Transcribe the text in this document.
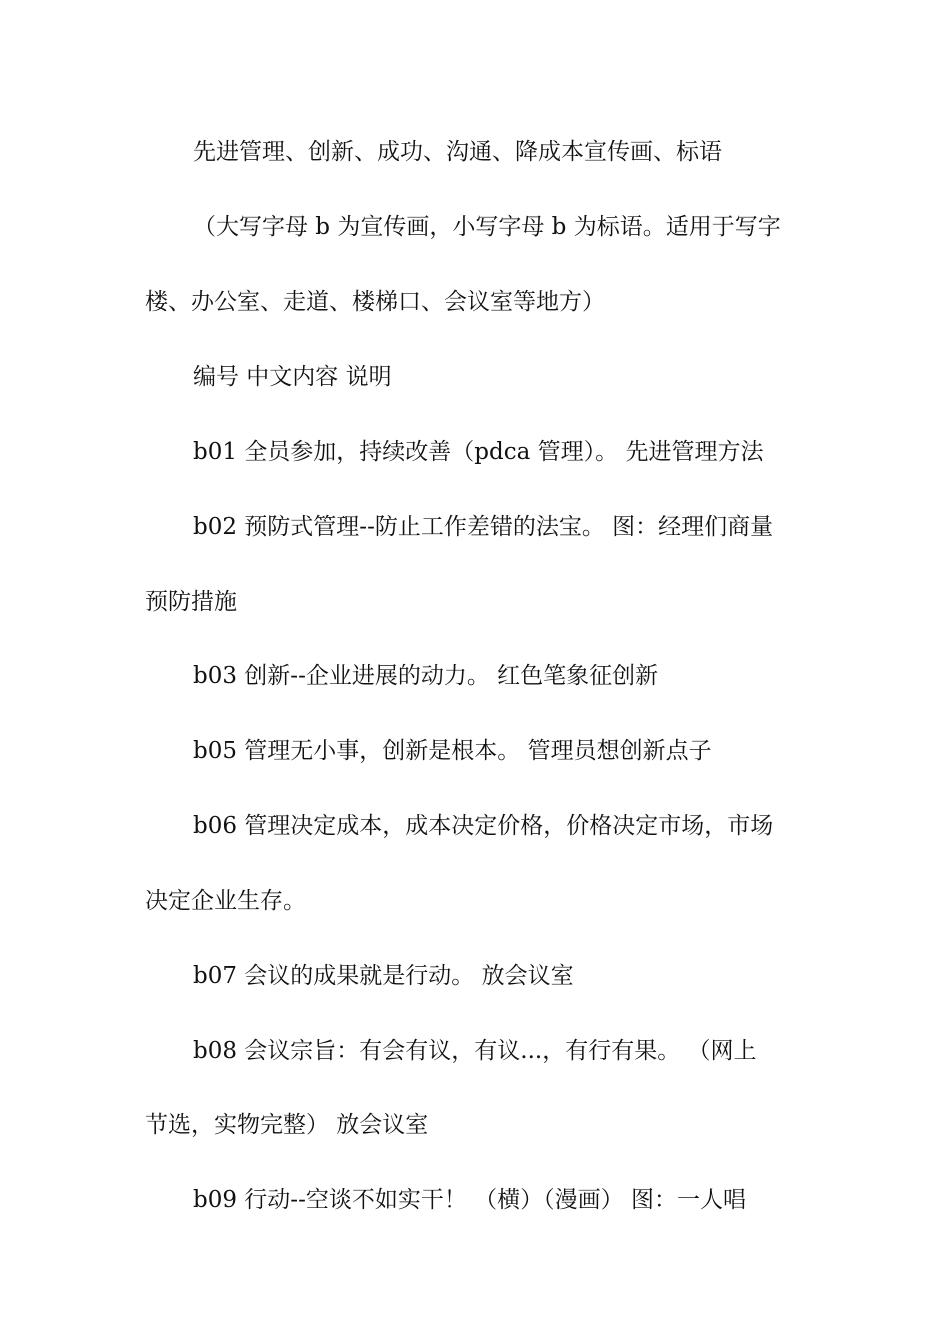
先进管理、创新、成功、沟通、降成本宣传画、标语
（大写字母 b 为宣传画，小写字母 b 为标语。适用于写字
楼、办公室、走道、楼梯口、会议室等地方）
编号 中文内容 说明
b01 全员参加，持续改善（pdca 管理）。 先进管理方法
b02 预防式管理--防止工作差错的法宝。 图：经理们商量
预防措施
b03 创新--企业进展的动力。 红色笔象征创新
b05 管理无小事，创新是根本。 管理员想创新点子
b06 管理决定成本，成本决定价格，价格决定市场，市场
决定企业生存。
b07 会议的成果就是行动。 放会议室
b08 会议宗旨：有会有议，有议...，有行有果。 （网上
节选，实物完整） 放会议室
b09 行动--空谈不如实干！ （横）（漫画） 图：一人唱
